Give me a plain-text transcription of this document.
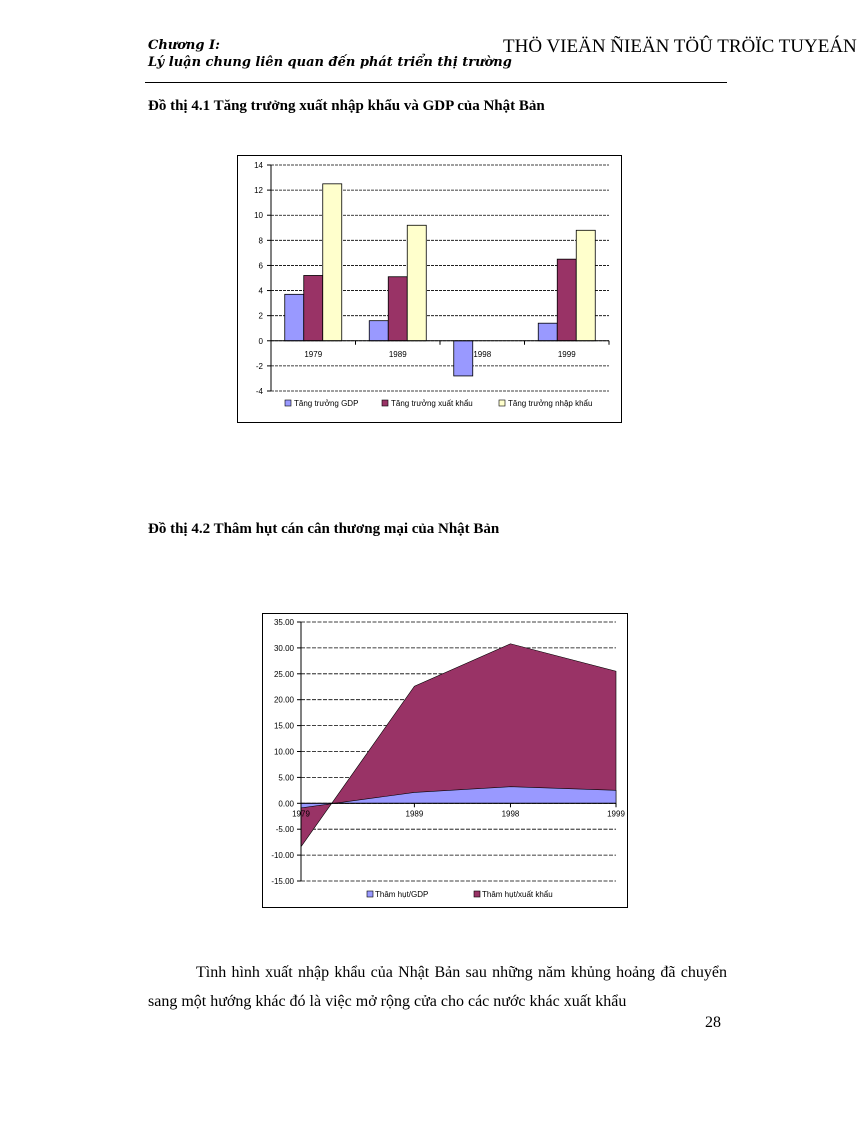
Chương I:
Lý luận chung liên quan đến phát triển thị trường
THÖ VIEÄN ÑIEÄN TÖÛ TRÖÏC TUYEÁN
Đồ thị 4.1 Tăng trưởng xuất nhập khẩu và GDP của Nhật Bản
14
12
10
8
6
4
2
0
-2
-4
1979	1989	1998	1999
Tăng trưởng GDP	Tăng trưởng xuất khẩu	Tăng trưởng nhập khẩu
Đồ thị 4.2 Thâm hụt cán cân thương mại của Nhật Bản
35.00
30.00
25.00
20.00
15.00
10.00
5.00
0.00
-5.00
-10.00
-15.00
1979	1989	1998	1999
Thâm hụt/GDP	Thâm hụt/xuất khẩu
Tình hình xuất nhập khẩu của Nhật Bản sau những năm khủng hoảng đã chuyển sang một hướng khác đó là việc mở rộng cửa cho các nước khác xuất khẩu
28
